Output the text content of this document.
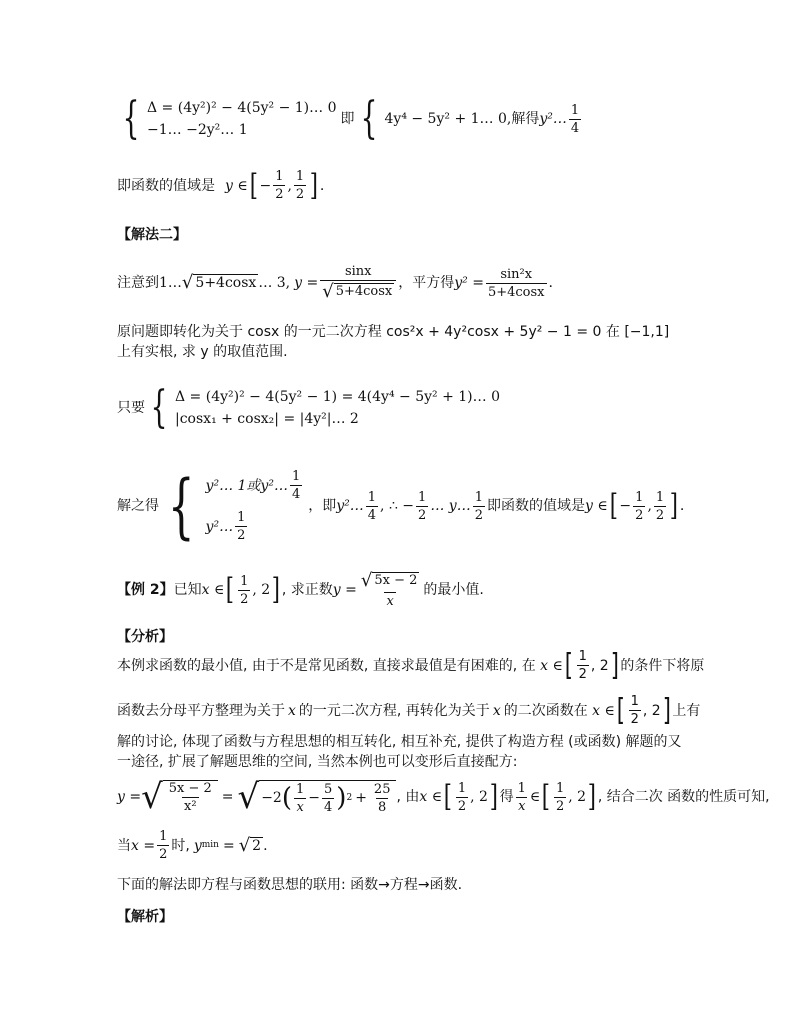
{ Δ = (4y²)² − 4(5y² − 1)… 0
−1… −2y²… 1
即 { 4y⁴ − 5y² + 1… 0, 解得 y²… $\frac{1}{4}$
即函数的值域是 y ∈ [ − $\frac{1}{2}$ , $\frac{1}{2}$ ] .
【解法二】
注意到 1… √ 5+4cosx … 3, $y = \frac{\sin x}{√ 5+4\cos x}$ ， 平方得 $y^2 = \frac{\text{sin²x}}{5+4\cos x}$ .
原问题即转化为关于 cosx 的一元二次方程 cos²x + 4y²cosx + 5y² − 1 = 0 在 [−1,1] 上有实根, 求 y 的取值范围.
只要 { Δ = (4y²)² − 4(5y² − 1) = 4(4y⁴ − 5y² + 1)… 0
|cosx₁ + cosx₂| = |4y²|… 2
解之得 { y²… 1或y²… $\frac{1}{4}$
y²… $\frac{1}{2}$
，即 y²… $\frac{1}{4}$ , ∴ − $\frac{1}{2}$ … y… $\frac{1}{2}$ 即函数的值域是 y ∈ [ − $\frac{1}{2}$ , $\frac{1}{2}$ ] .
【例 2】 已知 x ∈ [ $\frac{1}{2}$ , 2 ] , 求正数 $y = \frac{√ 5x - 2}{x}$ 的最小值.
【分析】
本例求函数的最小值, 由于不是常见函数, 直接求最值是有困难的, 在 x ∈ [ $\frac{1}{2}$ , 2 ] 的条件下将原
函数去分母平方整理为关于 x 的一元二次方程, 再转化为关于 x 的二次函数在 x ∈ [ $\frac{1}{2}$ , 2 ] 上有
解的讨论, 体现了函数与方程思想的相互转化, 相互补充, 提供了构造方程 (或函数) 解题的又一途径, 扩展了解题思维的空间, 当然本例也可以变形后直接配方:
y = √ $\frac{5x - 2}{\text{x²}}$ = √ −2 ( $\frac{1}{x} - \frac{5}{4}$ ) $2 + \frac{25}{8}$ , 由 x ∈ [ $\frac{1}{2}$ , 2 ] 得 $\frac{1}{x}$ ∈ [ $\frac{1}{2}$ , 2 ] , 结合二次 函数的性质可知,
当 $x = \frac{1}{2}$ 时, y min = √ 2 .
下面的解法即方程与函数思想的联用: 函数→方程→函数.
【解析】
